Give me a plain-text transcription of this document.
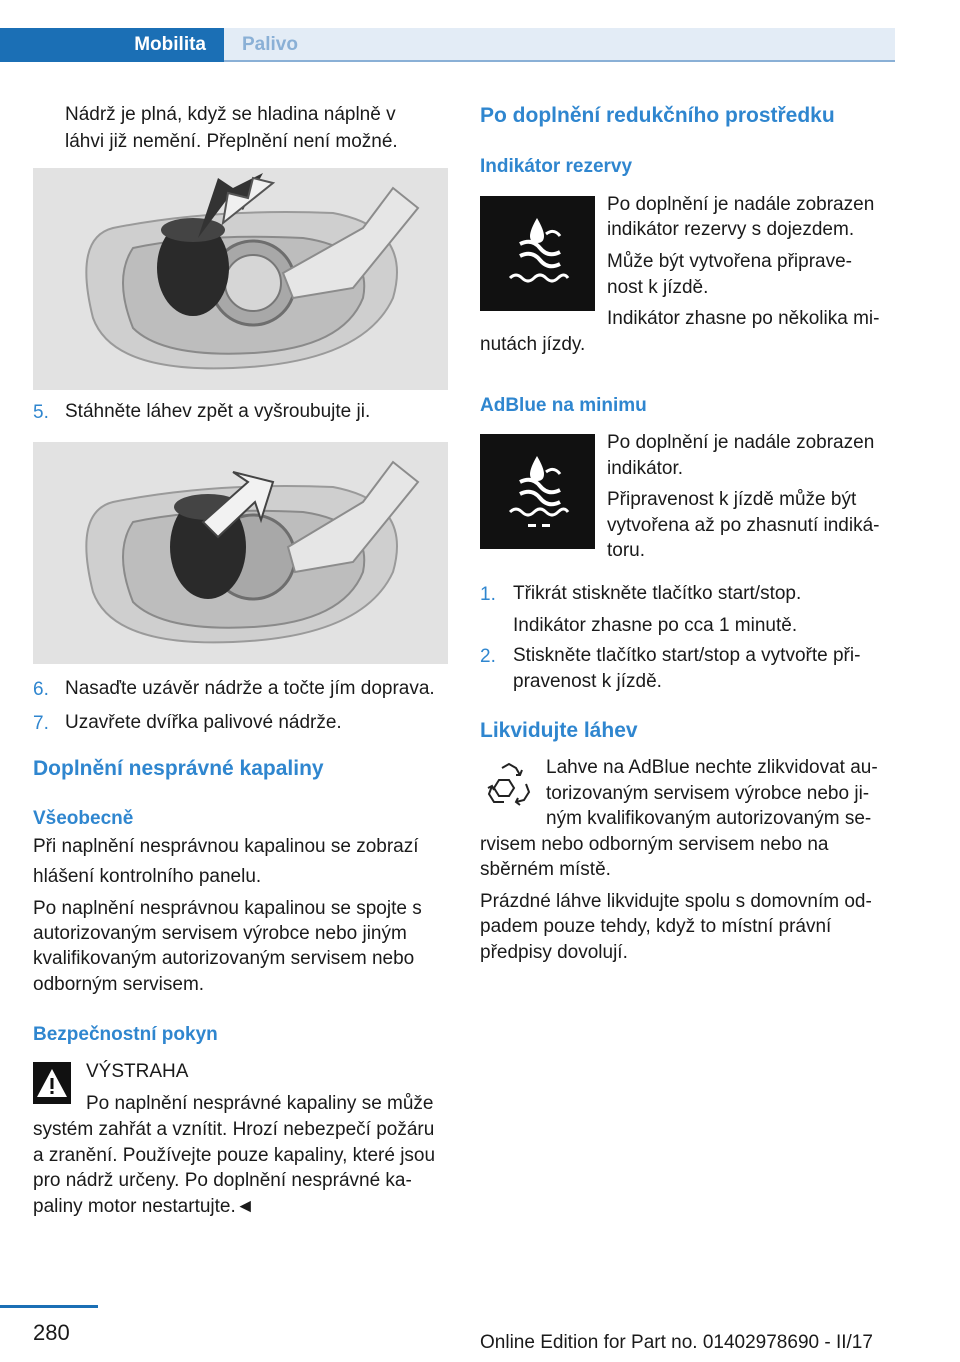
Mobilita Palivo
Nádrž je plná, když se hladina náplně v
láhvi již nemění. Přeplnění není možné.
5. Stáhněte láhev zpět a vyšroubujte ji.
6. Nasaďte uzávěr nádrže a točte jím doprava.
7. Uzavřete dvířka palivové nádrže.
Doplnění nesprávné kapaliny
Všeobecně
Při naplnění nesprávnou kapalinou se zobrazí
hlášení kontrolního panelu.
Po naplnění nesprávnou kapalinou se spojte s
autorizovaným servisem výrobce nebo jiným
kvalifikovaným autorizovaným servisem nebo
odborným servisem.
Bezpečnostní pokyn
VÝSTRAHA
Po naplnění nesprávné kapaliny se může
systém zahřát a vznítit. Hrozí nebezpečí požáru
a zranění. Používejte pouze kapaliny, které jsou
pro nádrž určeny. Po doplnění nesprávné ka-
paliny motor nestartujte.◄
Po doplnění redukčního prostředku
Indikátor rezervy
Po doplnění je nadále zobrazen
indikátor rezervy s dojezdem.
Může být vytvořena připrave-
nost k jízdě.
Indikátor zhasne po několika mi-
nutách jízdy.
AdBlue na minimu
Po doplnění je nadále zobrazen
indikátor.
Připravenost k jízdě může být
vytvořena až po zhasnutí indiká-
toru.
1. Třikrát stiskněte tlačítko start/stop.
Indikátor zhasne po cca 1 minutě.
2. Stiskněte tlačítko start/stop a vytvořte při-
pravenost k jízdě.
Likvidujte láhev
Lahve na AdBlue nechte zlikvidovat au-
torizovaným servisem výrobce nebo ji-
ným kvalifikovaným autorizovaným se-
rvisem nebo odborným servisem nebo na
sběrném místě.
Prázdné láhve likvidujte spolu s domovním od-
padem pouze tehdy, když to místní právní
předpisy dovolují.
280	Online Edition for Part no. 01402978690 - II/17
